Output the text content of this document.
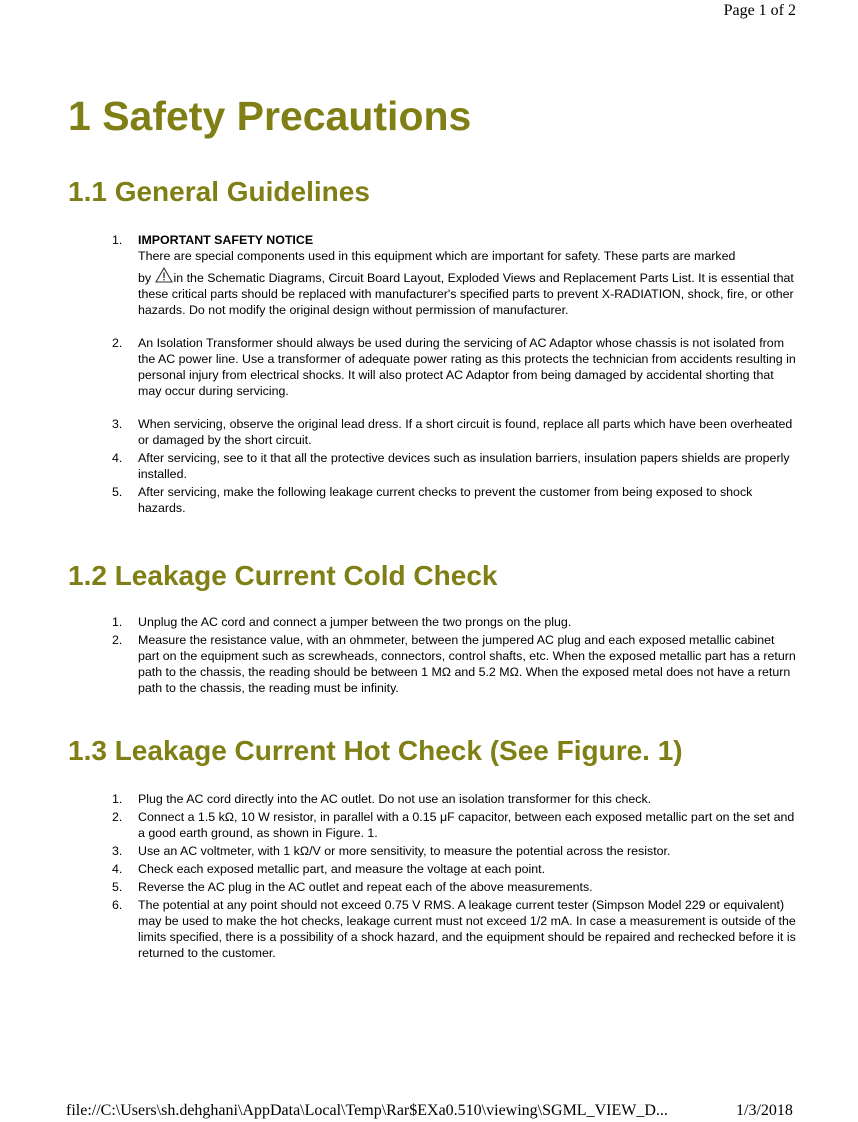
Page 1 of 2
1 Safety Precautions
1.1 General Guidelines
1.	IMPORTANT SAFETY NOTICE
There are special components used in this equipment which are important for safety. These parts are marked
by in the Schematic Diagrams, Circuit Board Layout, Exploded Views and Replacement Parts List. It is essential that these critical parts should be replaced with manufacturer's specified parts to prevent X-RADIATION, shock, fire, or other hazards. Do not modify the original design without permission of manufacturer.
2.	An Isolation Transformer should always be used during the servicing of AC Adaptor whose chassis is not isolated from the AC power line. Use a transformer of adequate power rating as this protects the technician from accidents resulting in personal injury from electrical shocks. It will also protect AC Adaptor from being damaged by accidental shorting that may occur during servicing.
3.	When servicing, observe the original lead dress. If a short circuit is found, replace all parts which have been overheated or damaged by the short circuit.
4.	After servicing, see to it that all the protective devices such as insulation barriers, insulation papers shields are properly installed.
5.	After servicing, make the following leakage current checks to prevent the customer from being exposed to shock hazards.
1.2 Leakage Current Cold Check
1.	Unplug the AC cord and connect a jumper between the two prongs on the plug.
2.	Measure the resistance value, with an ohmmeter, between the jumpered AC plug and each exposed metallic cabinet part on the equipment such as screwheads, connectors, control shafts, etc. When the exposed metallic part has a return path to the chassis, the reading should be between 1 MΩ and 5.2 MΩ. When the exposed metal does not have a return path to the chassis, the reading must be infinity.
1.3 Leakage Current Hot Check (See Figure. 1)
1.	Plug the AC cord directly into the AC outlet. Do not use an isolation transformer for this check.
2.	Connect a 1.5 kΩ, 10 W resistor, in parallel with a 0.15 μF capacitor, between each exposed metallic part on the set and a good earth ground, as shown in Figure. 1.
3.	Use an AC voltmeter, with 1 kΩ/V or more sensitivity, to measure the potential across the resistor.
4.	Check each exposed metallic part, and measure the voltage at each point.
5.	Reverse the AC plug in the AC outlet and repeat each of the above measurements.
6.	The potential at any point should not exceed 0.75 V RMS. A leakage current tester (Simpson Model 229 or equivalent) may be used to make the hot checks, leakage current must not exceed 1/2 mA. In case a measurement is outside of the limits specified, there is a possibility of a shock hazard, and the equipment should be repaired and rechecked before it is returned to the customer.
file://C:\Users\sh.dehghani\AppData\Local\Temp\Rar$EXa0.510\viewing\SGML_VIEW_D...	1/3/2018
